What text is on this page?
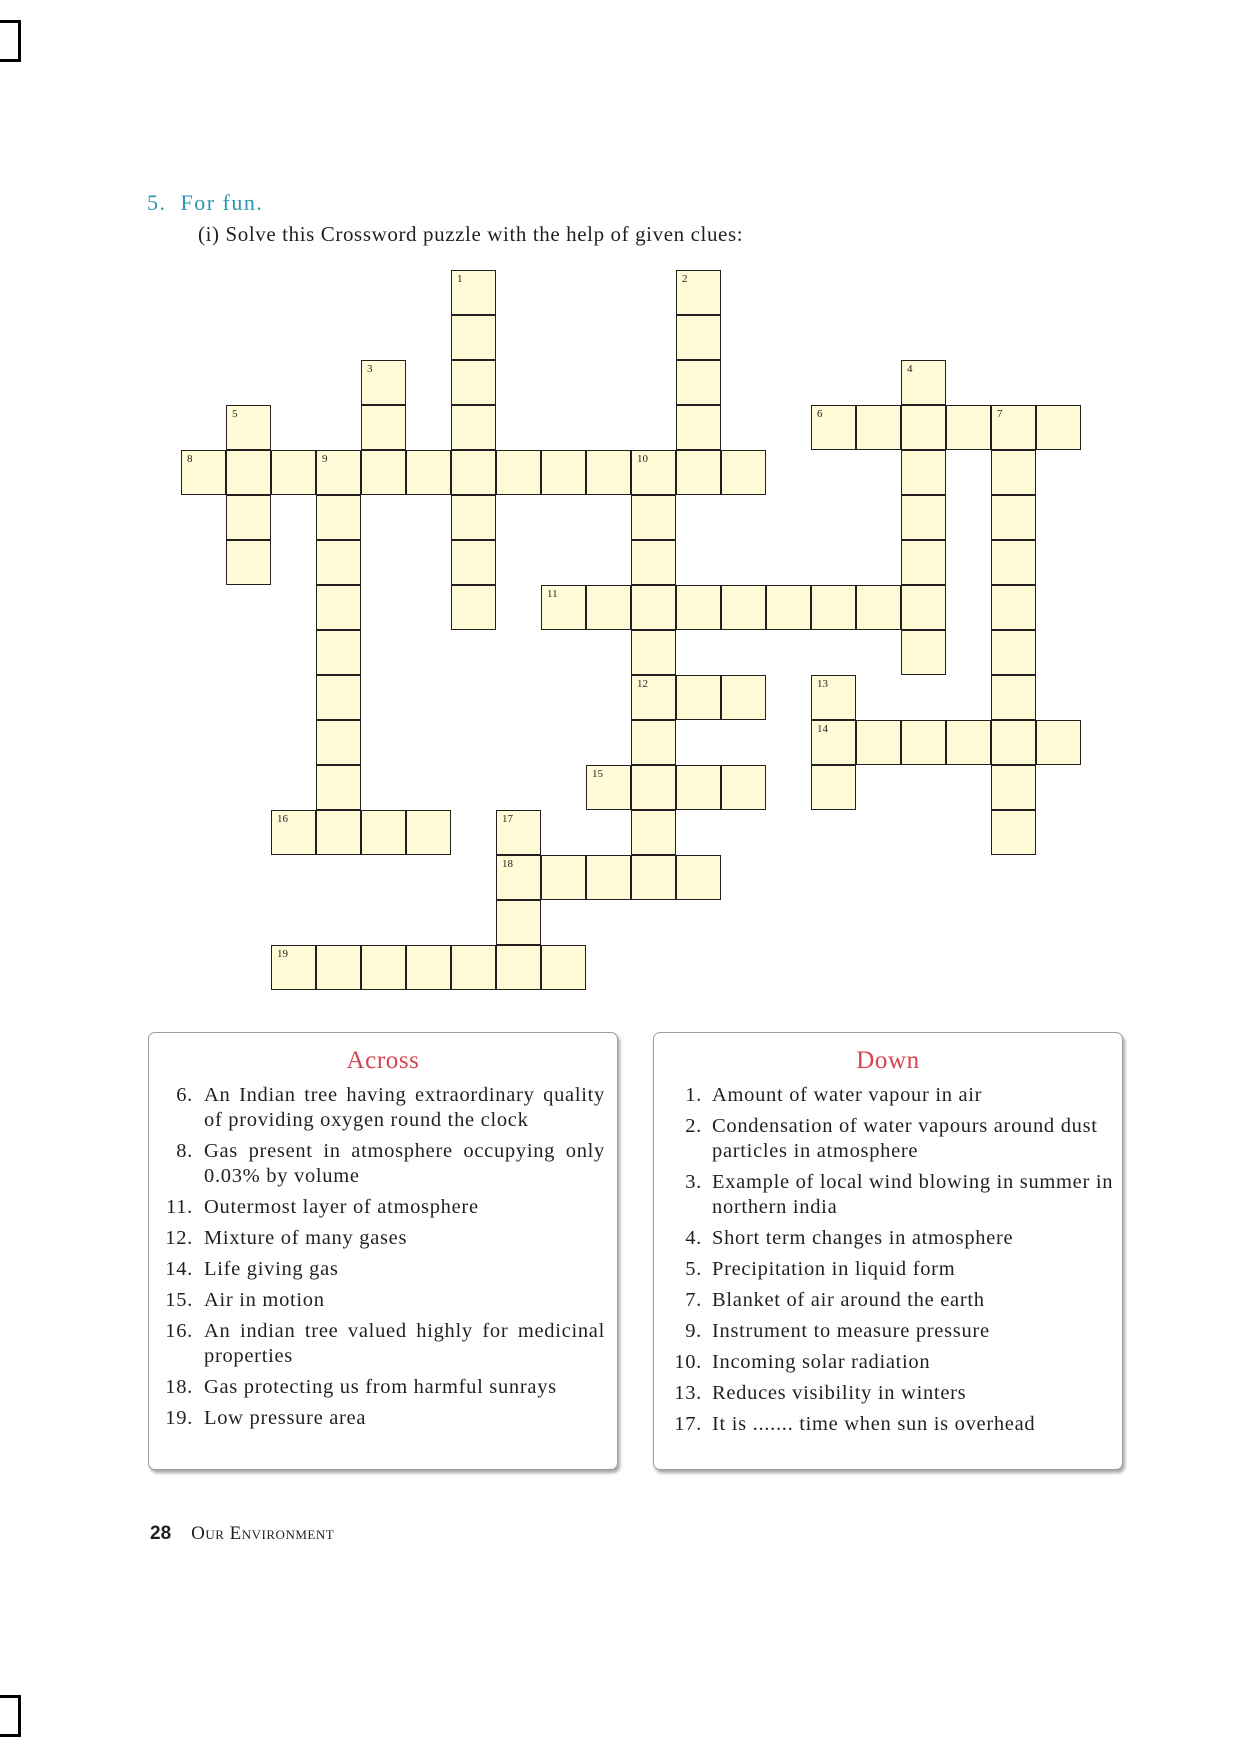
5. For fun.
(i) Solve this Crossword puzzle with the help of given clues:
6	7
8	9	10
11
12
14
15
16
18
19
1	2
3	4
5
13
17
Across
6. An Indian tree having extraordinary quality of providing oxygen round the clock
8. Gas present in atmosphere occupying only 0.03% by volume
11. Outermost layer of atmosphere
12. Mixture of many gases
14. Life giving gas
15. Air in motion
16. An indian tree valued highly for medicinal properties
18. Gas protecting us from harmful sunrays
19. Low pressure area
Down
1. Amount of water vapour in air
2. Condensation of water vapours around dust particles in atmosphere
3. Example of local wind blowing in summer in northern india
4. Short term changes in atmosphere
5. Precipitation in liquid form
7. Blanket of air around the earth
9. Instrument to measure pressure
10. Incoming solar radiation
13. Reduces visibility in winters
17. It is ....... time when sun is overhead
28 Our Environment
